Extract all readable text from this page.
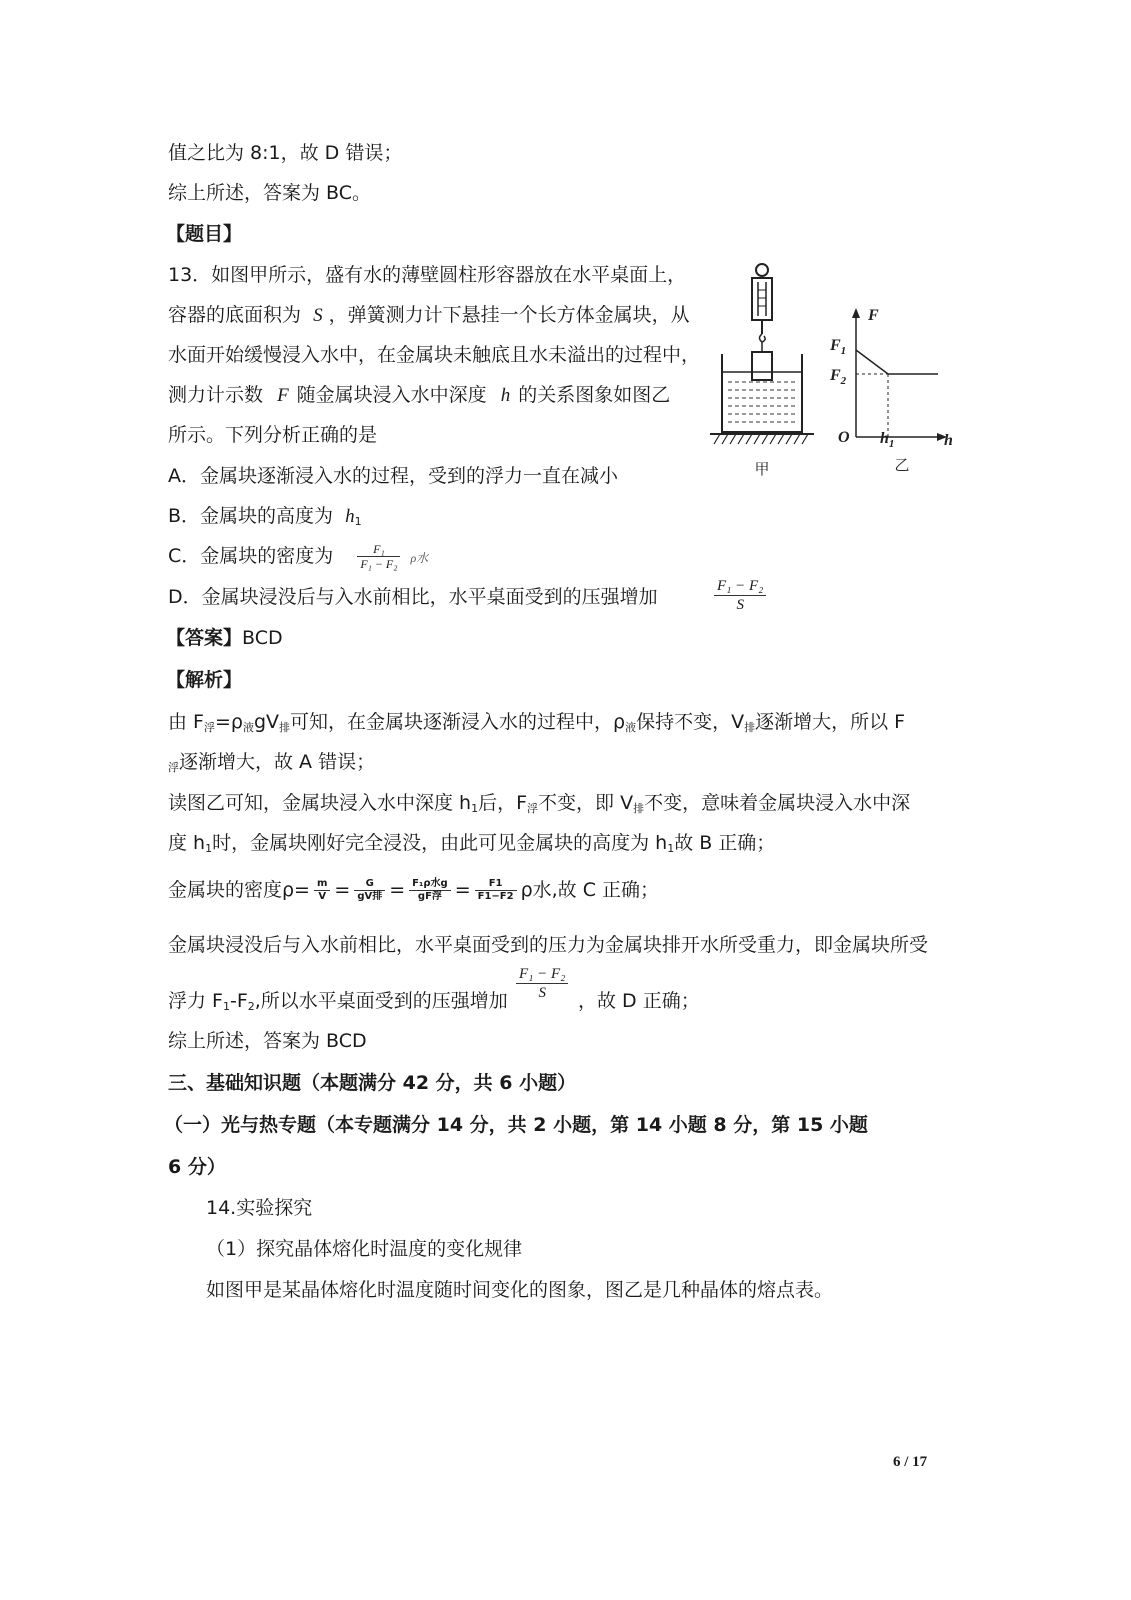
值之比为 8:1，故 D 错误；
综上所述，答案为 BC。
【题目】
13．如图甲所示，盛有水的薄壁圆柱形容器放在水平桌面上，
容器的底面积为 S ，弹簧测力计下悬挂一个长方体金属块，从
水面开始缓慢浸入水中，在金属块未触底且水未溢出的过程中，
测力计示数 F 随金属块浸入水中深度 h 的关系图象如图乙
所示。下列分析正确的是
A．金属块逐渐浸入水的过程，受到的浮力一直在减小
B．金属块的高度为 $h_1$
C．金属块的密度为 $\frac{\text{F₁}}{\text{F₁ − F₂}}$ ρ水
D．金属块浸没后与入水前相比，水平桌面受到的压强增加	$\frac{\text{F₁ − F₂}}{S}$
【答案】BCD
【解析】
由 $F_浮=\rho_液gV_排$可知，在金属块逐渐浸入水的过程中，$\rho_液$保持不变，$V_排$逐渐增大，所以 F
$_浮$逐渐增大，故 A 错误；
读图乙可知，金属块浸入水中深度 $h_1$后，$F_浮$不变，即 $V_排$不变，意味着金属块浸入水中深
度 $h_1$时，金属块刚好完全浸没，由此可见金属块的高度为 $h_1$故 B 正确；
金属块的密度$\rho= \frac{m}{V} = \frac{G}{\text{gV排}} = \frac{\text{F₁ρ水g}}{\text{gF浮}} = \frac{F1}{F1-F2}$ ρ水,故 C 正确；
金属块浸没后与入水前相比，水平桌面受到的压力为金属块排开水所受重力，即金属块所受
浮力 $F_1-F_2$,所以水平桌面受到的压强增加 $\frac{\text{F₁ − F₂}}{S}$ ，故 D 正确；
综上所述，答案为 BCD
三、基础知识题（本题满分 42 分，共 6 小题）
（一）光与热专题（本专题满分 14 分，共 2 小题，第 14 小题 8 分，第 15 小题
6 分）
14.实验探究
（1）探究晶体熔化时温度的变化规律
如图甲是某晶体熔化时温度随时间变化的图象，图乙是几种晶体的熔点表。
甲
F
$F_1$
$F_2$
O $h_1$	h
乙
6 / 17
